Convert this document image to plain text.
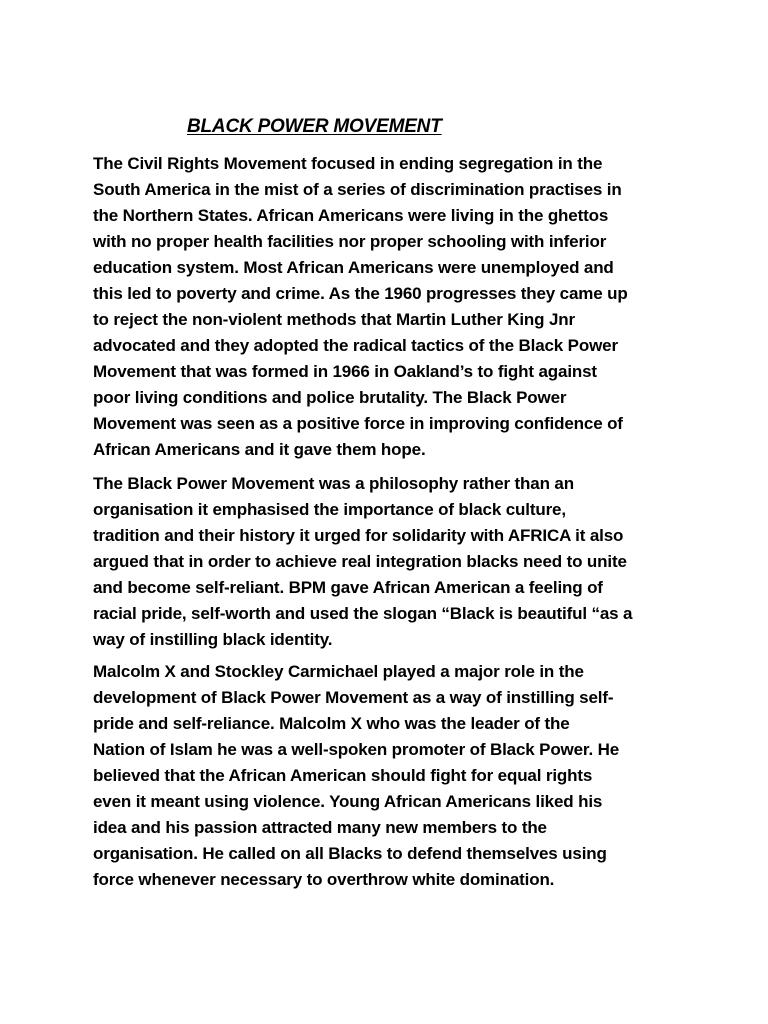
BLACK POWER MOVEMENT
The Civil Rights Movement focused in ending segregation in the
South America in the mist of a series of discrimination practises in
the Northern States. African Americans were living in the ghettos
with no proper health facilities nor proper schooling with inferior
education system. Most African Americans were unemployed and
this led to poverty and crime. As the 1960 progresses they came up
to reject the non-violent methods that Martin Luther King Jnr
advocated and they adopted the radical tactics of the Black Power
Movement that was formed in 1966 in Oakland’s to fight against
poor living conditions and police brutality. The Black Power
Movement was seen as a positive force in improving confidence of
African Americans and it gave them hope.
The Black Power Movement was a philosophy rather than an
organisation it emphasised the importance of black culture,
tradition and their history it urged for solidarity with AFRICA it also
argued that in order to achieve real integration blacks need to unite
and become self-reliant. BPM gave African American a feeling of
racial pride, self-worth and used the slogan “Black is beautiful “as a
way of instilling black identity.
Malcolm X and Stockley Carmichael played a major role in the
development of Black Power Movement as a way of instilling self-
pride and self-reliance. Malcolm X who was the leader of the
Nation of Islam he was a well-spoken promoter of Black Power. He
believed that the African American should fight for equal rights
even it meant using violence. Young African Americans liked his
idea and his passion attracted many new members to the
organisation. He called on all Blacks to defend themselves using
force whenever necessary to overthrow white domination.
